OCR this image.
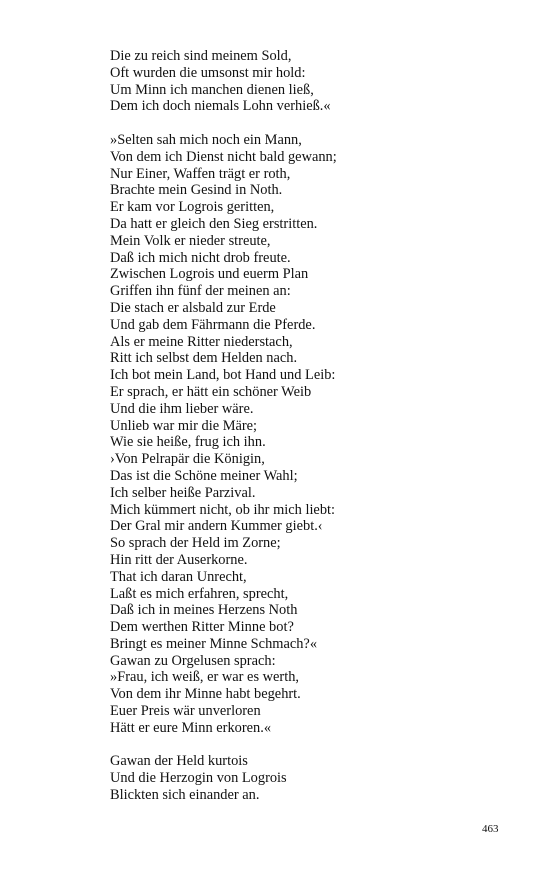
Die zu reich sind meinem Sold,
Oft wurden die umsonst mir hold:
Um Minn ich manchen dienen ließ,
Dem ich doch niemals Lohn verhieß.«
»Selten sah mich noch ein Mann,
Von dem ich Dienst nicht bald gewann;
Nur Einer, Waffen trägt er roth,
Brachte mein Gesind in Noth.
Er kam vor Logrois geritten,
Da hatt er gleich den Sieg erstritten.
Mein Volk er nieder streute,
Daß ich mich nicht drob freute.
Zwischen Logrois und euerm Plan
Griffen ihn fünf der meinen an:
Die stach er alsbald zur Erde
Und gab dem Fährmann die Pferde.
Als er meine Ritter niederstach,
Ritt ich selbst dem Helden nach.
Ich bot mein Land, bot Hand und Leib:
Er sprach, er hätt ein schöner Weib
Und die ihm lieber wäre.
Unlieb war mir die Märe;
Wie sie heiße, frug ich ihn.
›Von Pelrapär die Königin,
Das ist die Schöne meiner Wahl;
Ich selber heiße Parzival.
Mich kümmert nicht, ob ihr mich liebt:
Der Gral mir andern Kummer giebt.‹
So sprach der Held im Zorne;
Hin ritt der Auserkorne.
That ich daran Unrecht,
Laßt es mich erfahren, sprecht,
Daß ich in meines Herzens Noth
Dem werthen Ritter Minne bot?
Bringt es meiner Minne Schmach?«
Gawan zu Orgelusen sprach:
»Frau, ich weiß, er war es werth,
Von dem ihr Minne habt begehrt.
Euer Preis wär unverloren
Hätt er eure Minn erkoren.«
Gawan der Held kurtois
Und die Herzogin von Logrois
Blickten sich einander an.
463
